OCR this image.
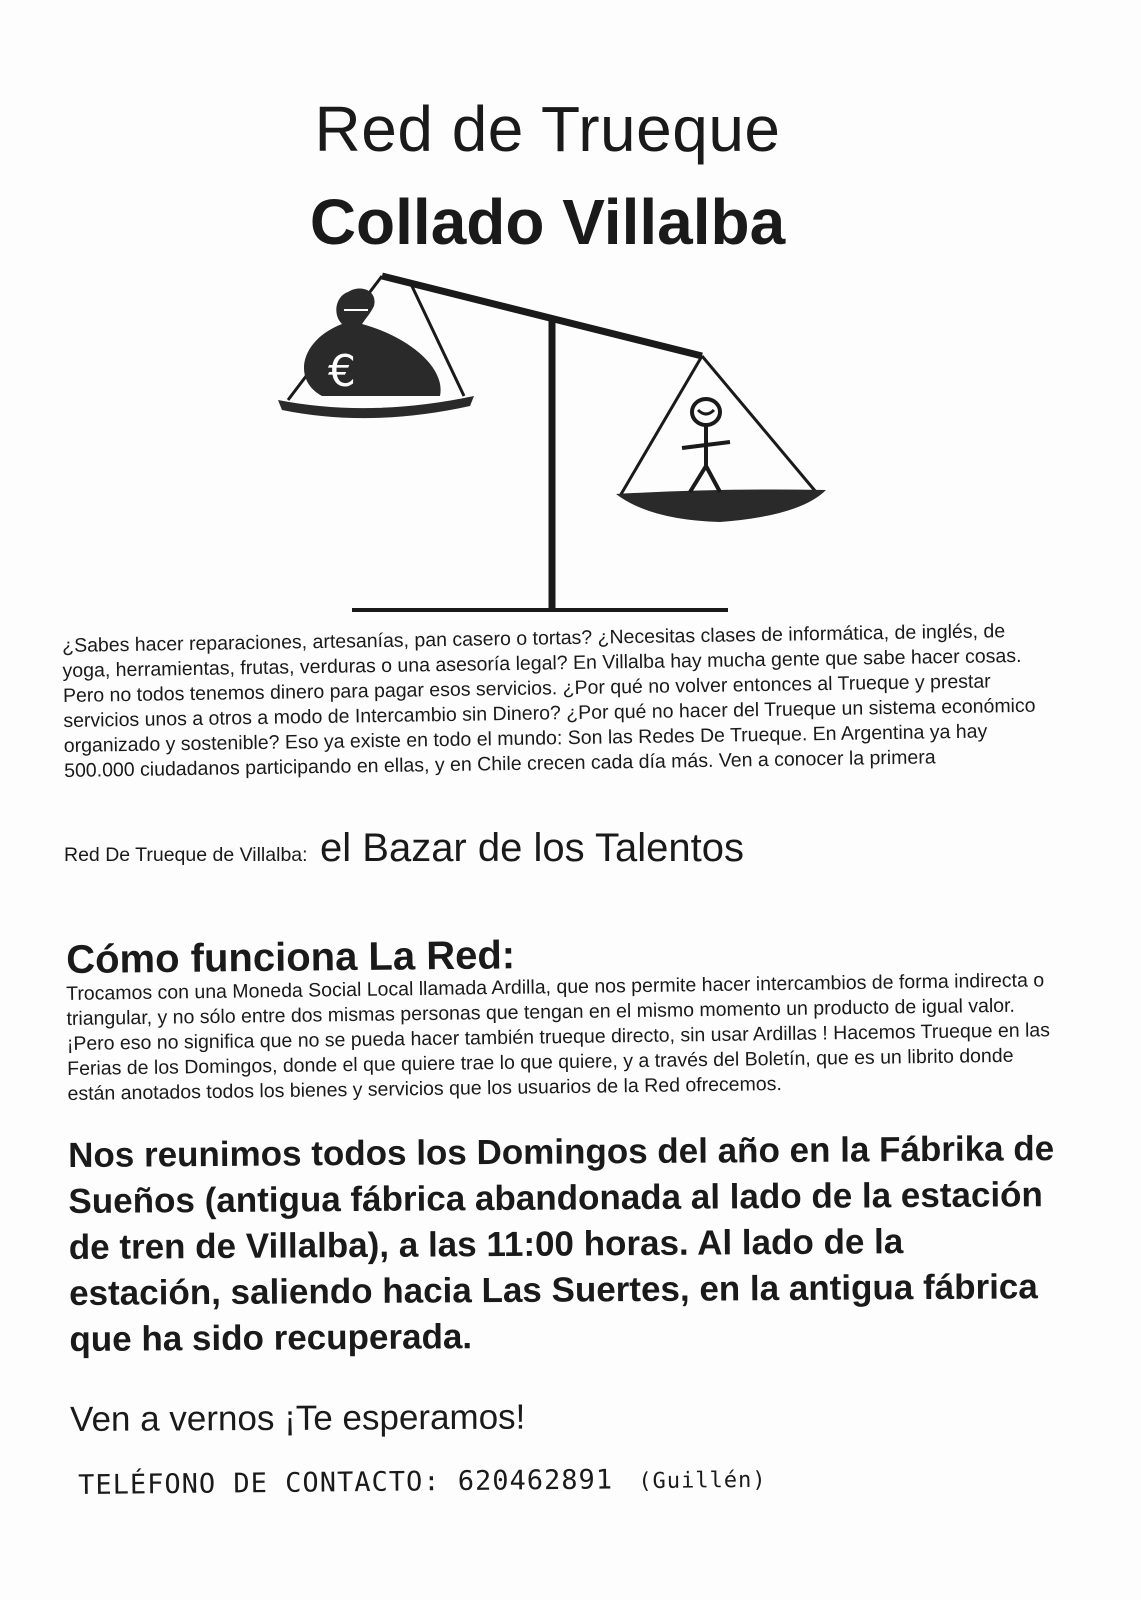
Red de Trueque
Collado Villalba
€

¿Sabes hacer reparaciones, artesanías, pan casero o tortas? ¿Necesitas clases de informática, de inglés, de yoga, herramientas, frutas, verduras o una asesoría legal? En Villalba hay mucha gente que sabe hacer cosas. Pero no todos tenemos dinero para pagar esos servicios. ¿Por qué no volver entonces al Trueque y prestar servicios unos a otros a modo de Intercambio sin Dinero? ¿Por qué no hacer del Trueque un sistema económico organizado y sostenible? Eso ya existe en todo el mundo: Son las Redes De Trueque. En Argentina ya hay 500.000 ciudadanos participando en ellas, y en Chile crecen cada día más. Ven a conocer la primera

Red De Trueque de Villalba: el Bazar de los Talentos

Cómo funciona La Red:

Trocamos con una Moneda Social Local llamada Ardilla, que nos permite hacer intercambios de forma indirecta o triangular, y no sólo entre dos mismas personas que tengan en el mismo momento un producto de igual valor. ¡Pero eso no significa que no se pueda hacer también trueque directo, sin usar Ardillas ! Hacemos Trueque en las Ferias de los Domingos, donde el que quiere trae lo que quiere, y a través del Boletín, que es un librito donde están anotados todos los bienes y servicios que los usuarios de la Red ofrecemos.

Nos reunimos todos los Domingos del año en la Fábrika de Sueños (antigua fábrica abandonada al lado de la estación de tren de Villalba), a las 11:00 horas. Al lado de la estación, saliendo hacia Las Suertes, en la antigua fábrica que ha sido recuperada.

Ven a vernos ¡Te esperamos!

TELÉFONO DE CONTACTO: 620462891 (Guillén)
